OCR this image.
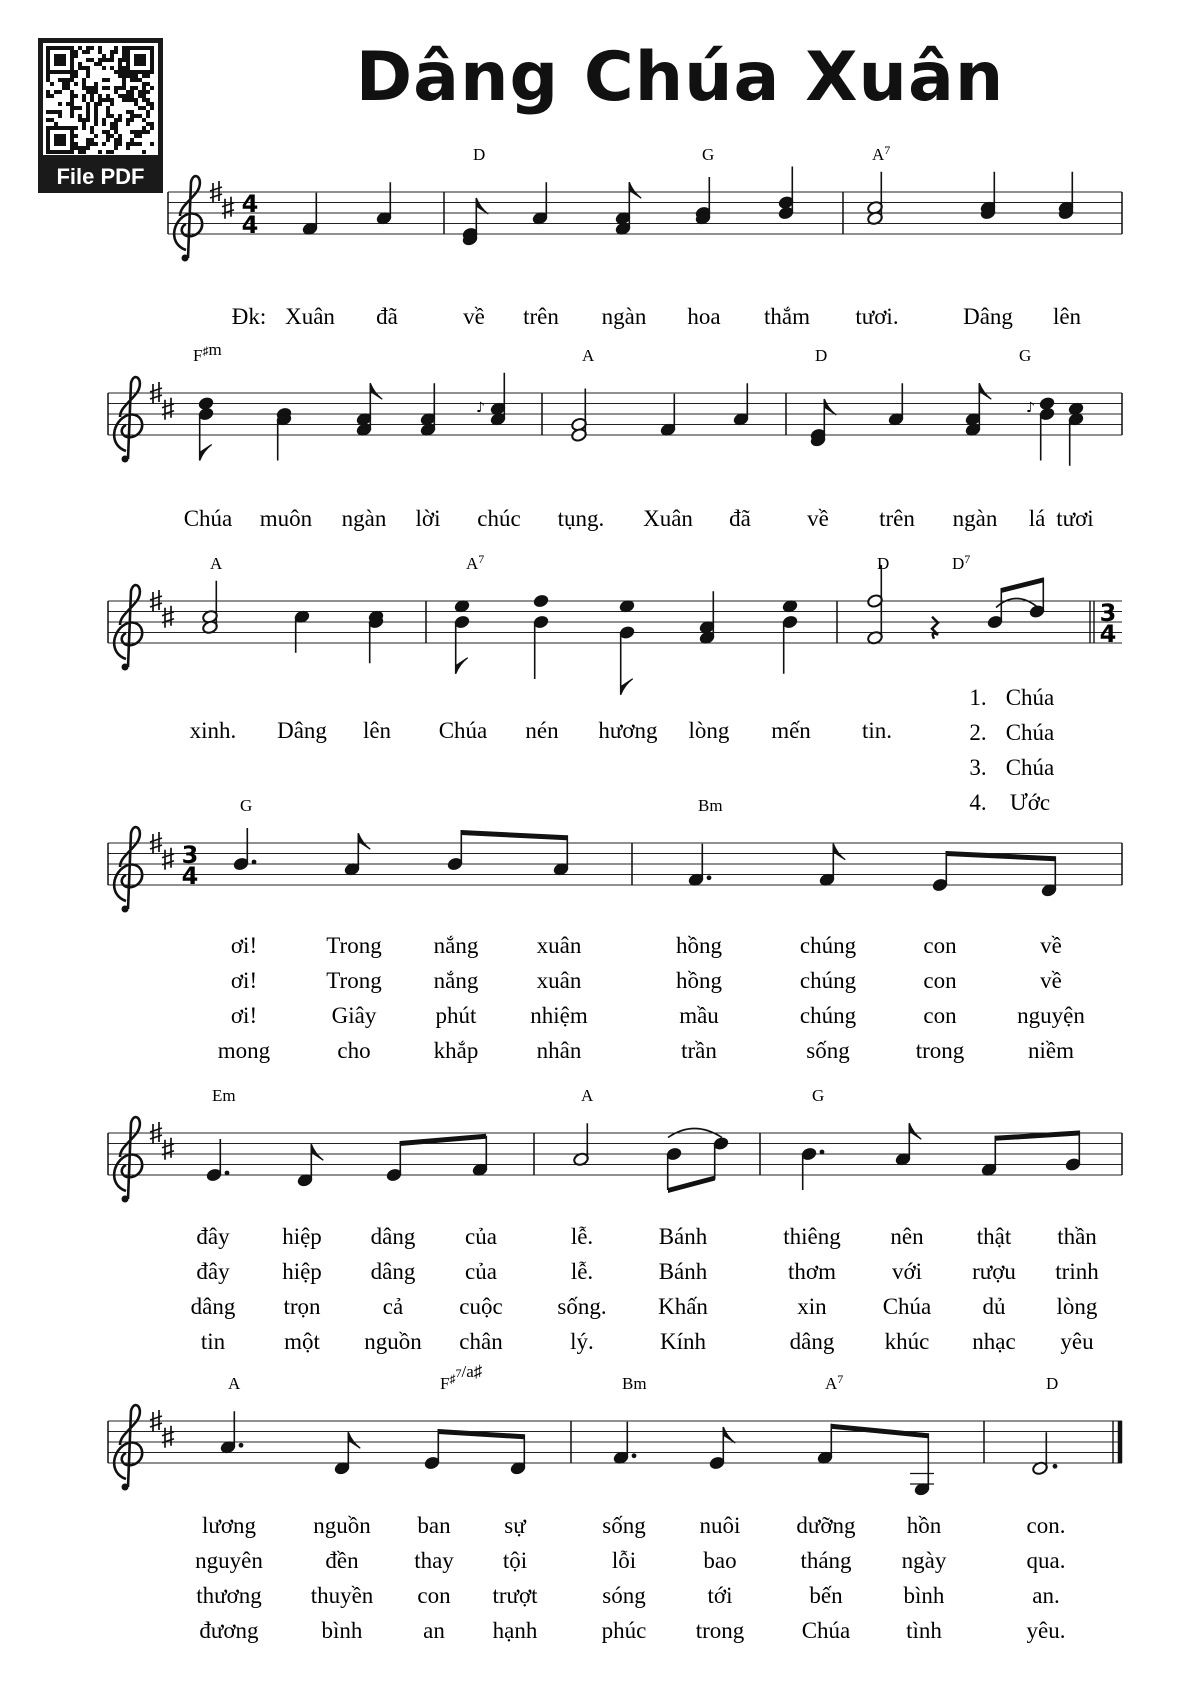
File PDF
Dâng Chúa Xuân
4
4
D	G	$A^7$
Đk: Xuân đã	về trên ngàn hoa thắm tươi.	Dâng lên
F♯m	A	D	G
Chúa muôn ngàn lời chúc tụng. Xuân đã về trên ngàn lá tươi
3
4
A	$A^7$	D	$D^7$
xinh. Dâng lên Chúa nén hương lòng mến tin.
3
4
G	Bm
ơi!	Trong nắng	xuân	hồng	chúng	con	về
ơi!	Trong nắng	xuân	hồng	chúng	con	về
ơi!	Giây	phút nhiệm	mầu	chúng	con	nguyện
mong	cho	khắp	nhân	trần	sống	trong	niềm
Em	A	G
đây hiệp dâng của	lễ.	Bánh	thiêng nên thật thần
đây hiệp dâng của	lễ.	Bánh	thơm với rượu trinh
dâng trọn	cả cuộc sống. Khấn	xin Chúa dủ lòng
tin	một nguồn chân	lý.	Kính	dâng khúc nhạc yêu
A	$F^{♯7}/a♯$
Bm	$A^7$	D
lương nguồn ban sự	sống nuôi dưỡng hồn	con.
nguyên	đền thay tội	lỗi	bao	tháng ngày	qua.
thương thuyền con trượt	sóng	tới	bến	bình	an.
đương	bình	an hạnh	phúc trong Chúa tình	yêu.
1. Chúa
2. Chúa
3. Chúa
4. Ước
♪	♪
